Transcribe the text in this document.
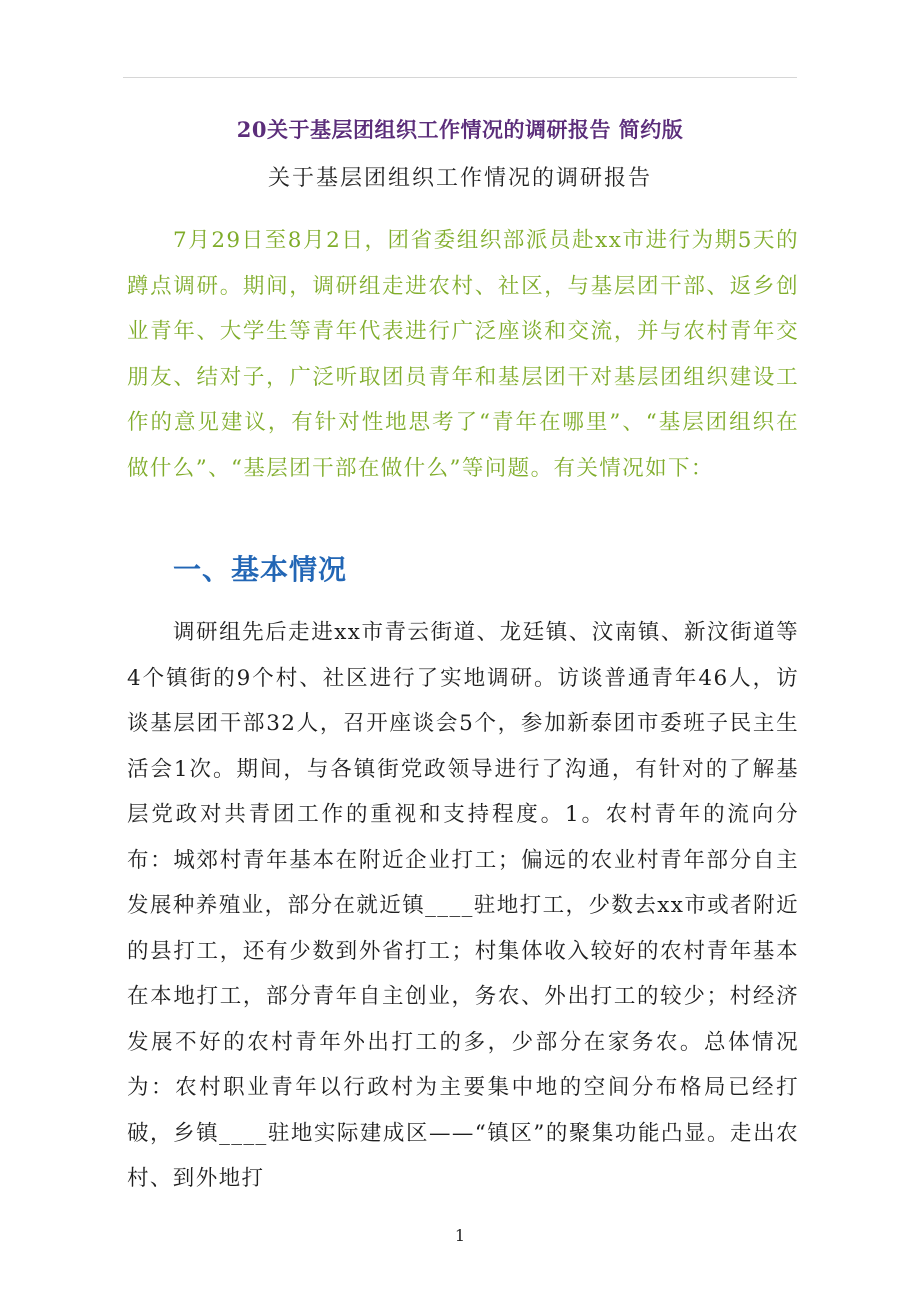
20关于基层团组织工作情况的调研报告 简约版
关于基层团组织工作情况的调研报告

7月29日至8月2日，团省委组织部派员赴xx市进行为期5天的蹲点调研。期间，调研组走进农村、社区，与基层团干部、返乡创业青年、大学生等青年代表进行广泛座谈和交流，并与农村青年交朋友、结对子，广泛听取团员青年和基层团干对基层团组织建设工作的意见建议，有针对性地思考了“青年在哪里”、“基层团组织在做什么”、“基层团干部在做什么”等问题。有关情况如下：

一、基本情况

调研组先后走进xx市青云街道、龙廷镇、汶南镇、新汶街道等4个镇街的9个村、社区进行了实地调研。访谈普通青年46人，访谈基层团干部32人，召开座谈会5个，参加新泰团市委班子民主生活会1次。期间，与各镇街党政领导进行了沟通，有针对的了解基层党政对共青团工作的重视和支持程度。1。农村青年的流向分布：城郊村青年基本在附近企业打工；偏远的农业村青年部分自主发展种养殖业，部分在就近镇____驻地打工，少数去xx市或者附近的县打工，还有少数到外省打工；村集体收入较好的农村青年基本在本地打工，部分青年自主创业，务农、外出打工的较少；村经济发展不好的农村青年外出打工的多，少部分在家务农。总体情况为：农村职业青年以行政村为主要集中地的空间分布格局已经打破，乡镇____驻地实际建成区——“镇区”的聚集功能凸显。走出农村、到外地打

1
